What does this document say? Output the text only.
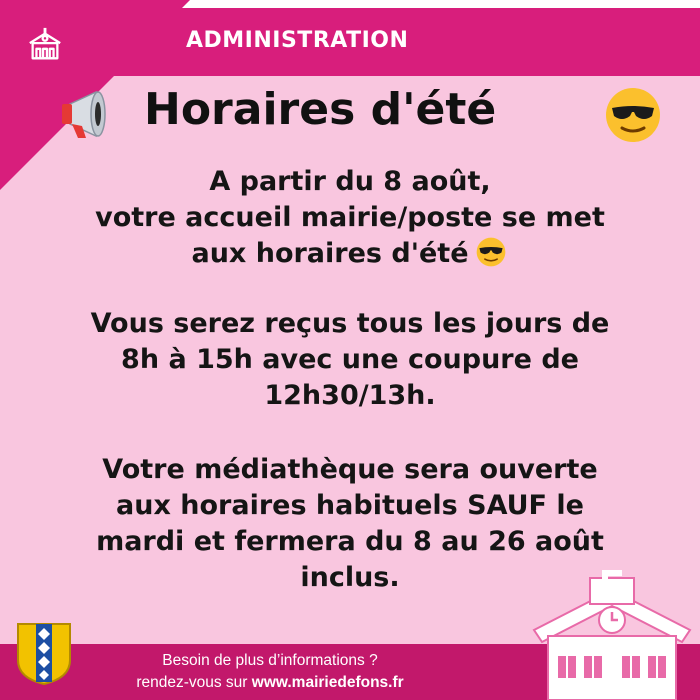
ADMINISTRATION
Horaires d'été
A partir du 8 août,
votre accueil mairie/poste se met
aux horaires d'été
Vous serez reçus tous les jours de
8h à 15h avec une coupure de
12h30/13h.
Votre médiathèque sera ouverte
aux horaires habituels SAUF le
mardi et fermera du 8 au 26 août
inclus.
Besoin de plus d’informations ?
rendez-vous sur www.mairiedefons.fr
